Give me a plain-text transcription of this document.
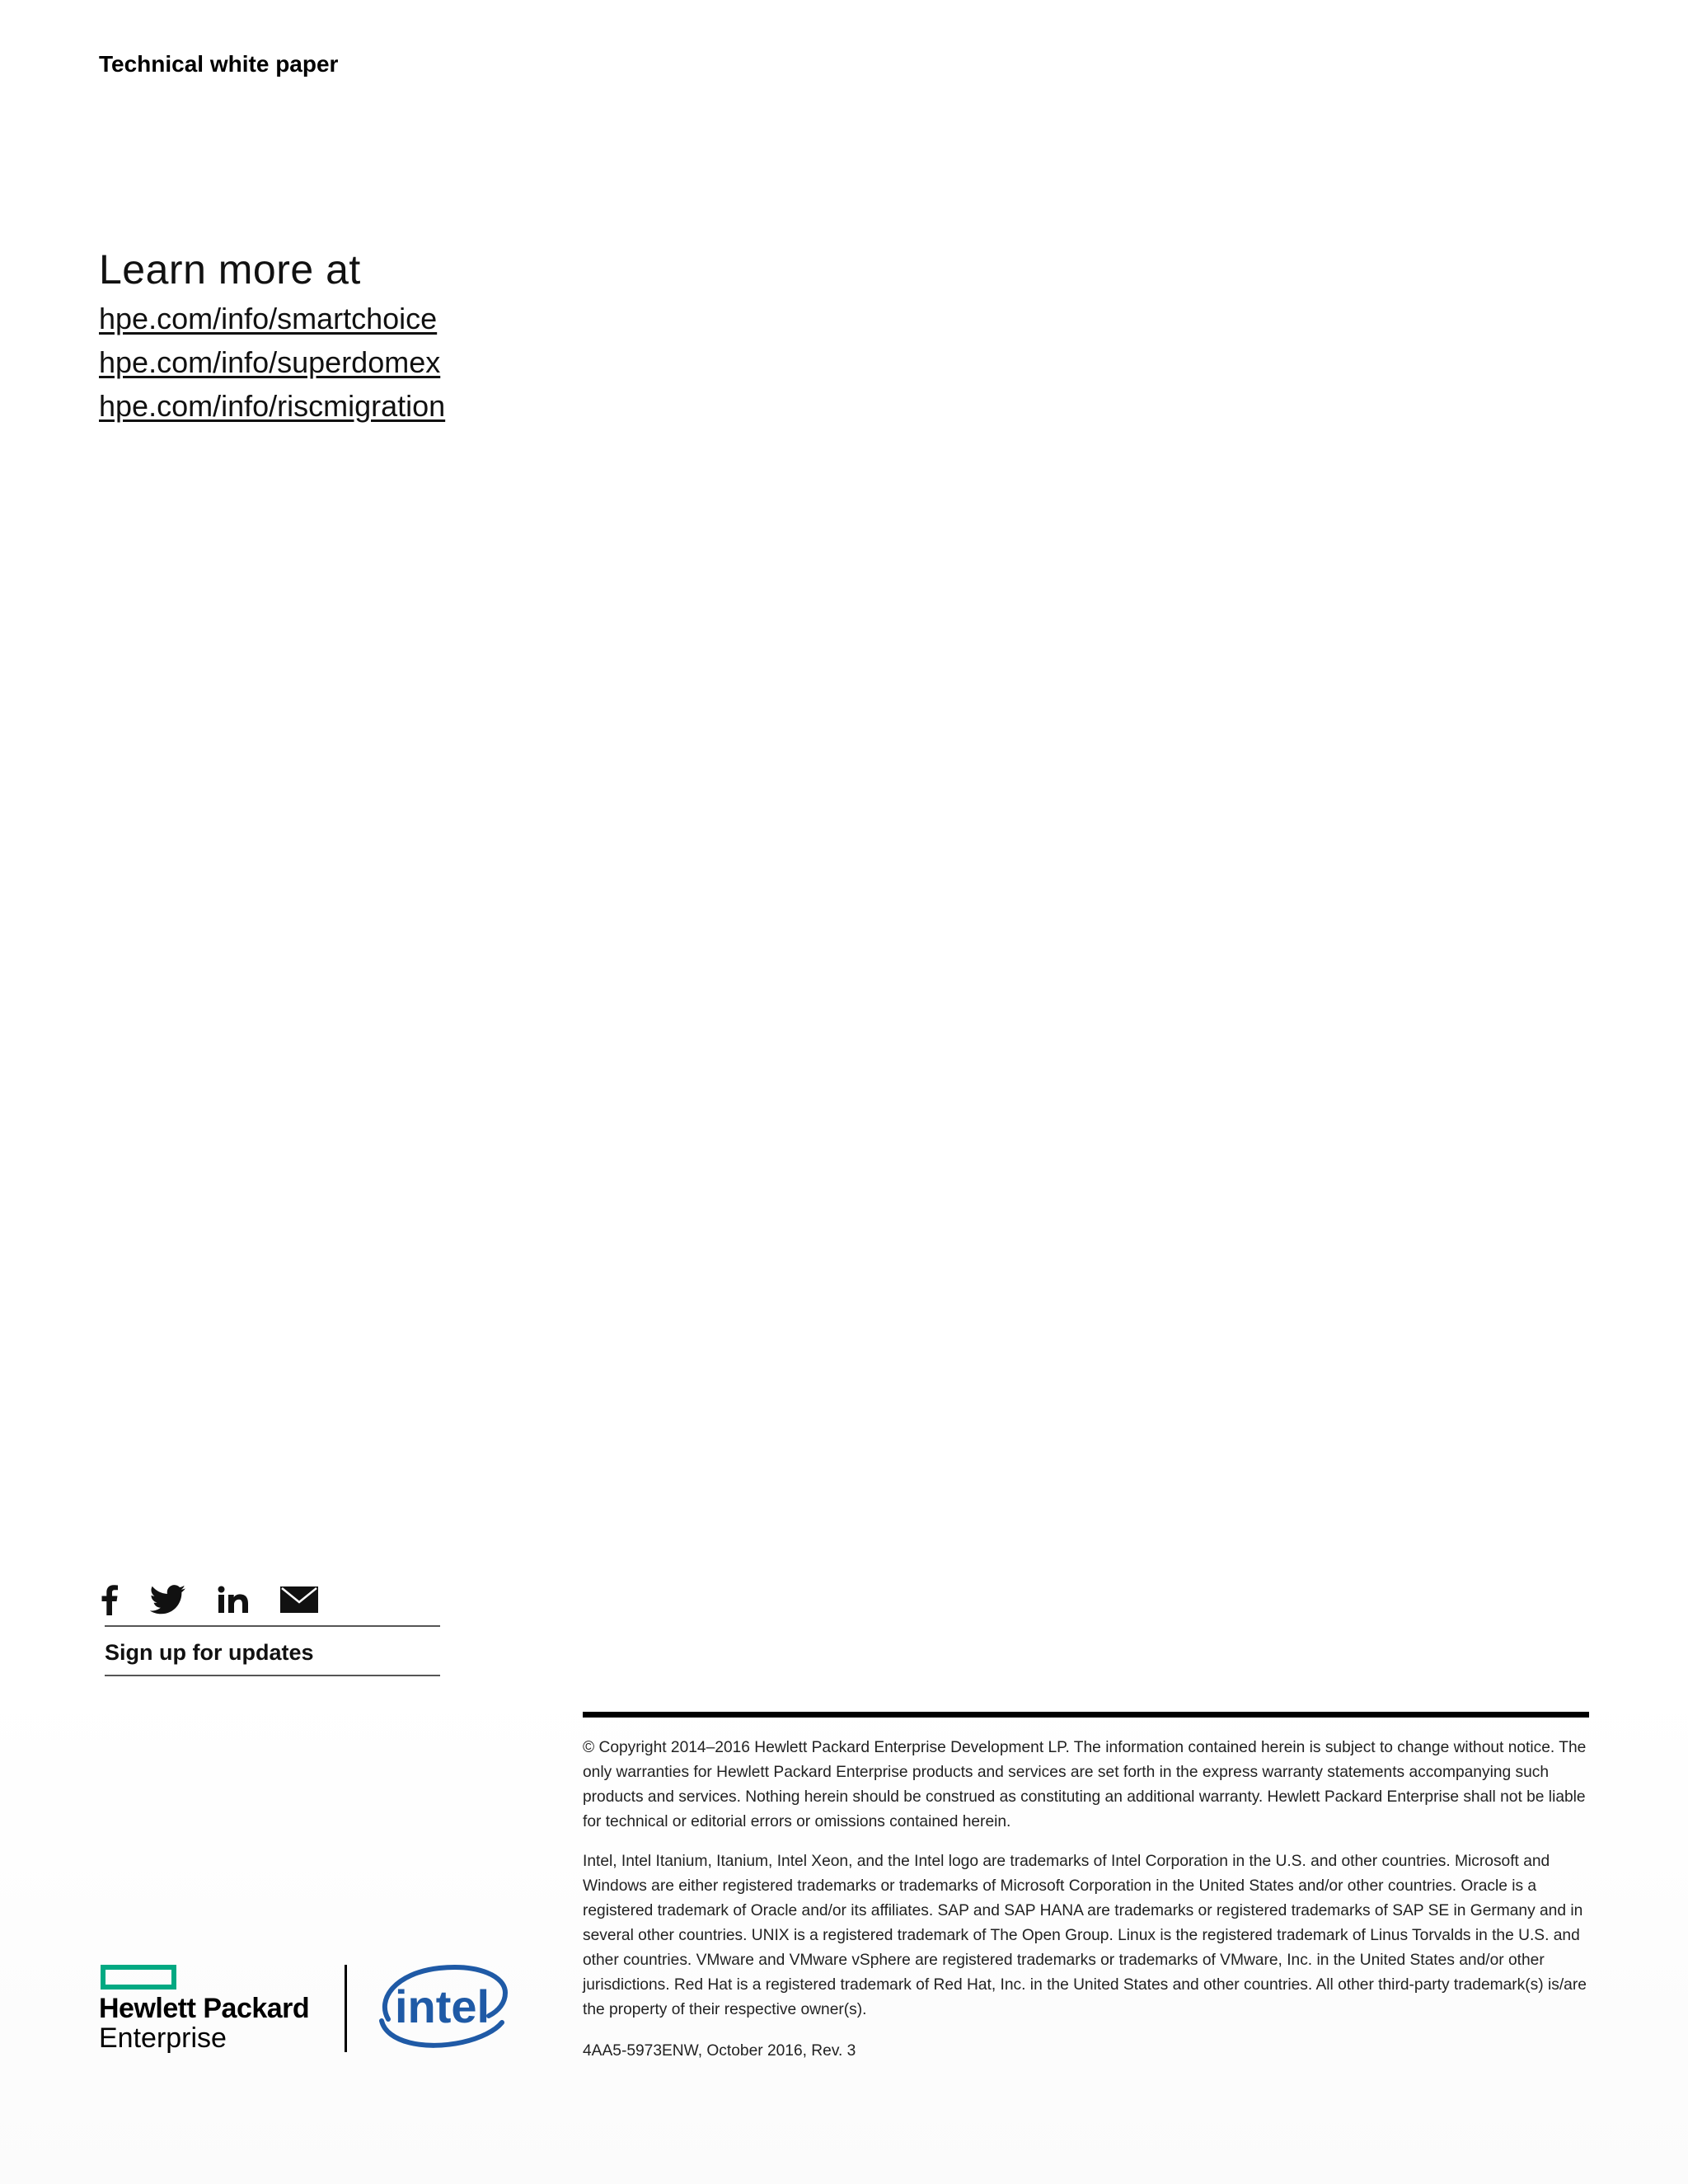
Technical white paper
Learn more at
hpe.com/info/smartchoice
hpe.com/info/superdomex
hpe.com/info/riscmigration
Sign up for updates

© Copyright 2014–2016 Hewlett Packard Enterprise Development LP. The information contained herein is subject to change without notice. The only warranties for Hewlett Packard Enterprise products and services are set forth in the express warranty statements accompanying such products and services. Nothing herein should be construed as constituting an additional warranty. Hewlett Packard Enterprise shall not be liable for technical or editorial errors or omissions contained herein.

Intel, Intel Itanium, Itanium, Intel Xeon, and the Intel logo are trademarks of Intel Corporation in the U.S. and other countries. Microsoft and Windows are either registered trademarks or trademarks of Microsoft Corporation in the United States and/or other countries. Oracle is a registered trademark of Oracle and/or its affiliates. SAP and SAP HANA are trademarks or registered trademarks of SAP SE in Germany and in several other countries. UNIX is a registered trademark of The Open Group. Linux is the registered trademark of Linus Torvalds in the U.S. and other countries. VMware and VMware vSphere are registered trademarks or trademarks of VMware, Inc. in the United States and/or other jurisdictions. Red Hat is a registered trademark of Red Hat, Inc. in the United States and other countries. All other third-party trademark(s) is/are the property of their respective owner(s).

4AA5-5973ENW, October 2016, Rev. 3

Hewlett Packard
Enterprise
intel
